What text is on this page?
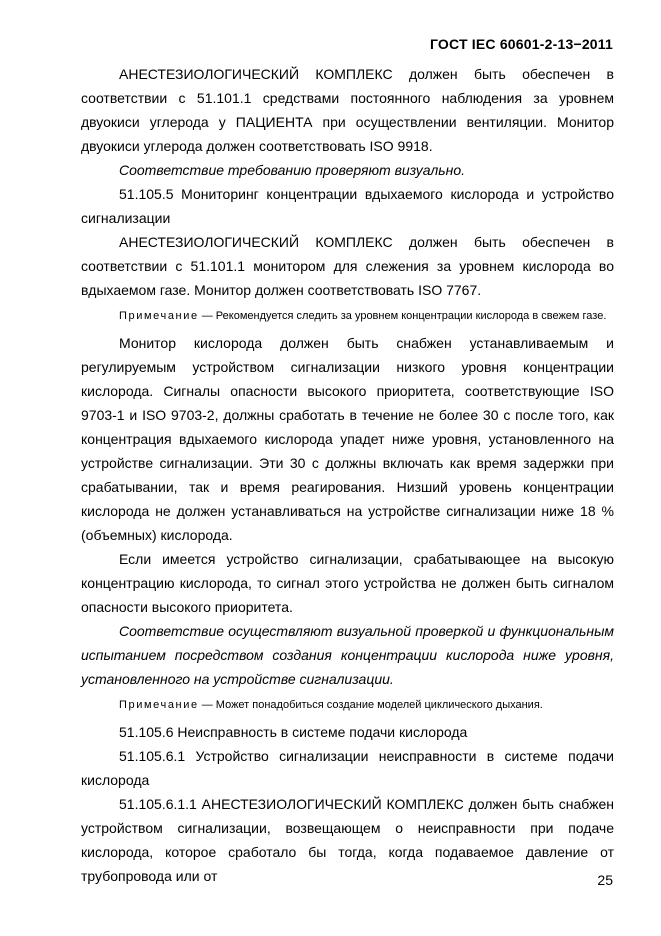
ГОСТ IEC 60601-2-13−2011

АНЕСТЕЗИОЛОГИЧЕСКИЙ КОМПЛЕКС должен быть обеспечен в соответствии с 51.101.1 средствами постоянного наблюдения за уровнем двуокиси углерода у ПАЦИЕНТА при осуществлении вентиляции. Монитор двуокиси углерода должен соответствовать ISO 9918.

Соответствие требованию проверяют визуально.

51.105.5 Мониторинг концентрации вдыхаемого кислорода и устройство сигнализации

АНЕСТЕЗИОЛОГИЧЕСКИЙ КОМПЛЕКС должен быть обеспечен в соответствии с 51.101.1 монитором для слежения за уровнем кислорода во вдыхаемом газе. Монитор должен соответствовать ISO 7767.

Примечание — Рекомендуется следить за уровнем концентрации кислорода в свежем газе.

Монитор кислорода должен быть снабжен устанавливаемым и регулируемым устройством сигнализации низкого уровня концентрации кислорода. Сигналы опасности высокого приоритета, соответствующие ISO 9703-1 и ISO 9703-2, должны сработать в течение не более 30 с после того, как концентрация вдыхаемого кислорода упадет ниже уровня, установленного на устройстве сигнализации. Эти 30 с должны включать как время задержки при срабатывании, так и время реагирования. Низший уровень концентрации кислорода не должен устанавливаться на устройстве сигнализации ниже 18 % (объемных) кислорода.

Если имеется устройство сигнализации, срабатывающее на высокую концентрацию кислорода, то сигнал этого устройства не должен быть сигналом опасности высокого приоритета.

Соответствие осуществляют визуальной проверкой и функциональным испытанием посредством создания концентрации кислорода ниже уровня, установленного на устройстве сигнализации.

Примечание — Может понадобиться создание моделей циклического дыхания.

51.105.6 Неисправность в системе подачи кислорода

51.105.6.1 Устройство сигнализации неисправности в системе подачи кислорода

51.105.6.1.1 АНЕСТЕЗИОЛОГИЧЕСКИЙ КОМПЛЕКС должен быть снабжен устройством сигнализации, возвещающем о неисправности при подаче кислорода, которое сработало бы тогда, когда подаваемое давление от трубопровода или от	25
